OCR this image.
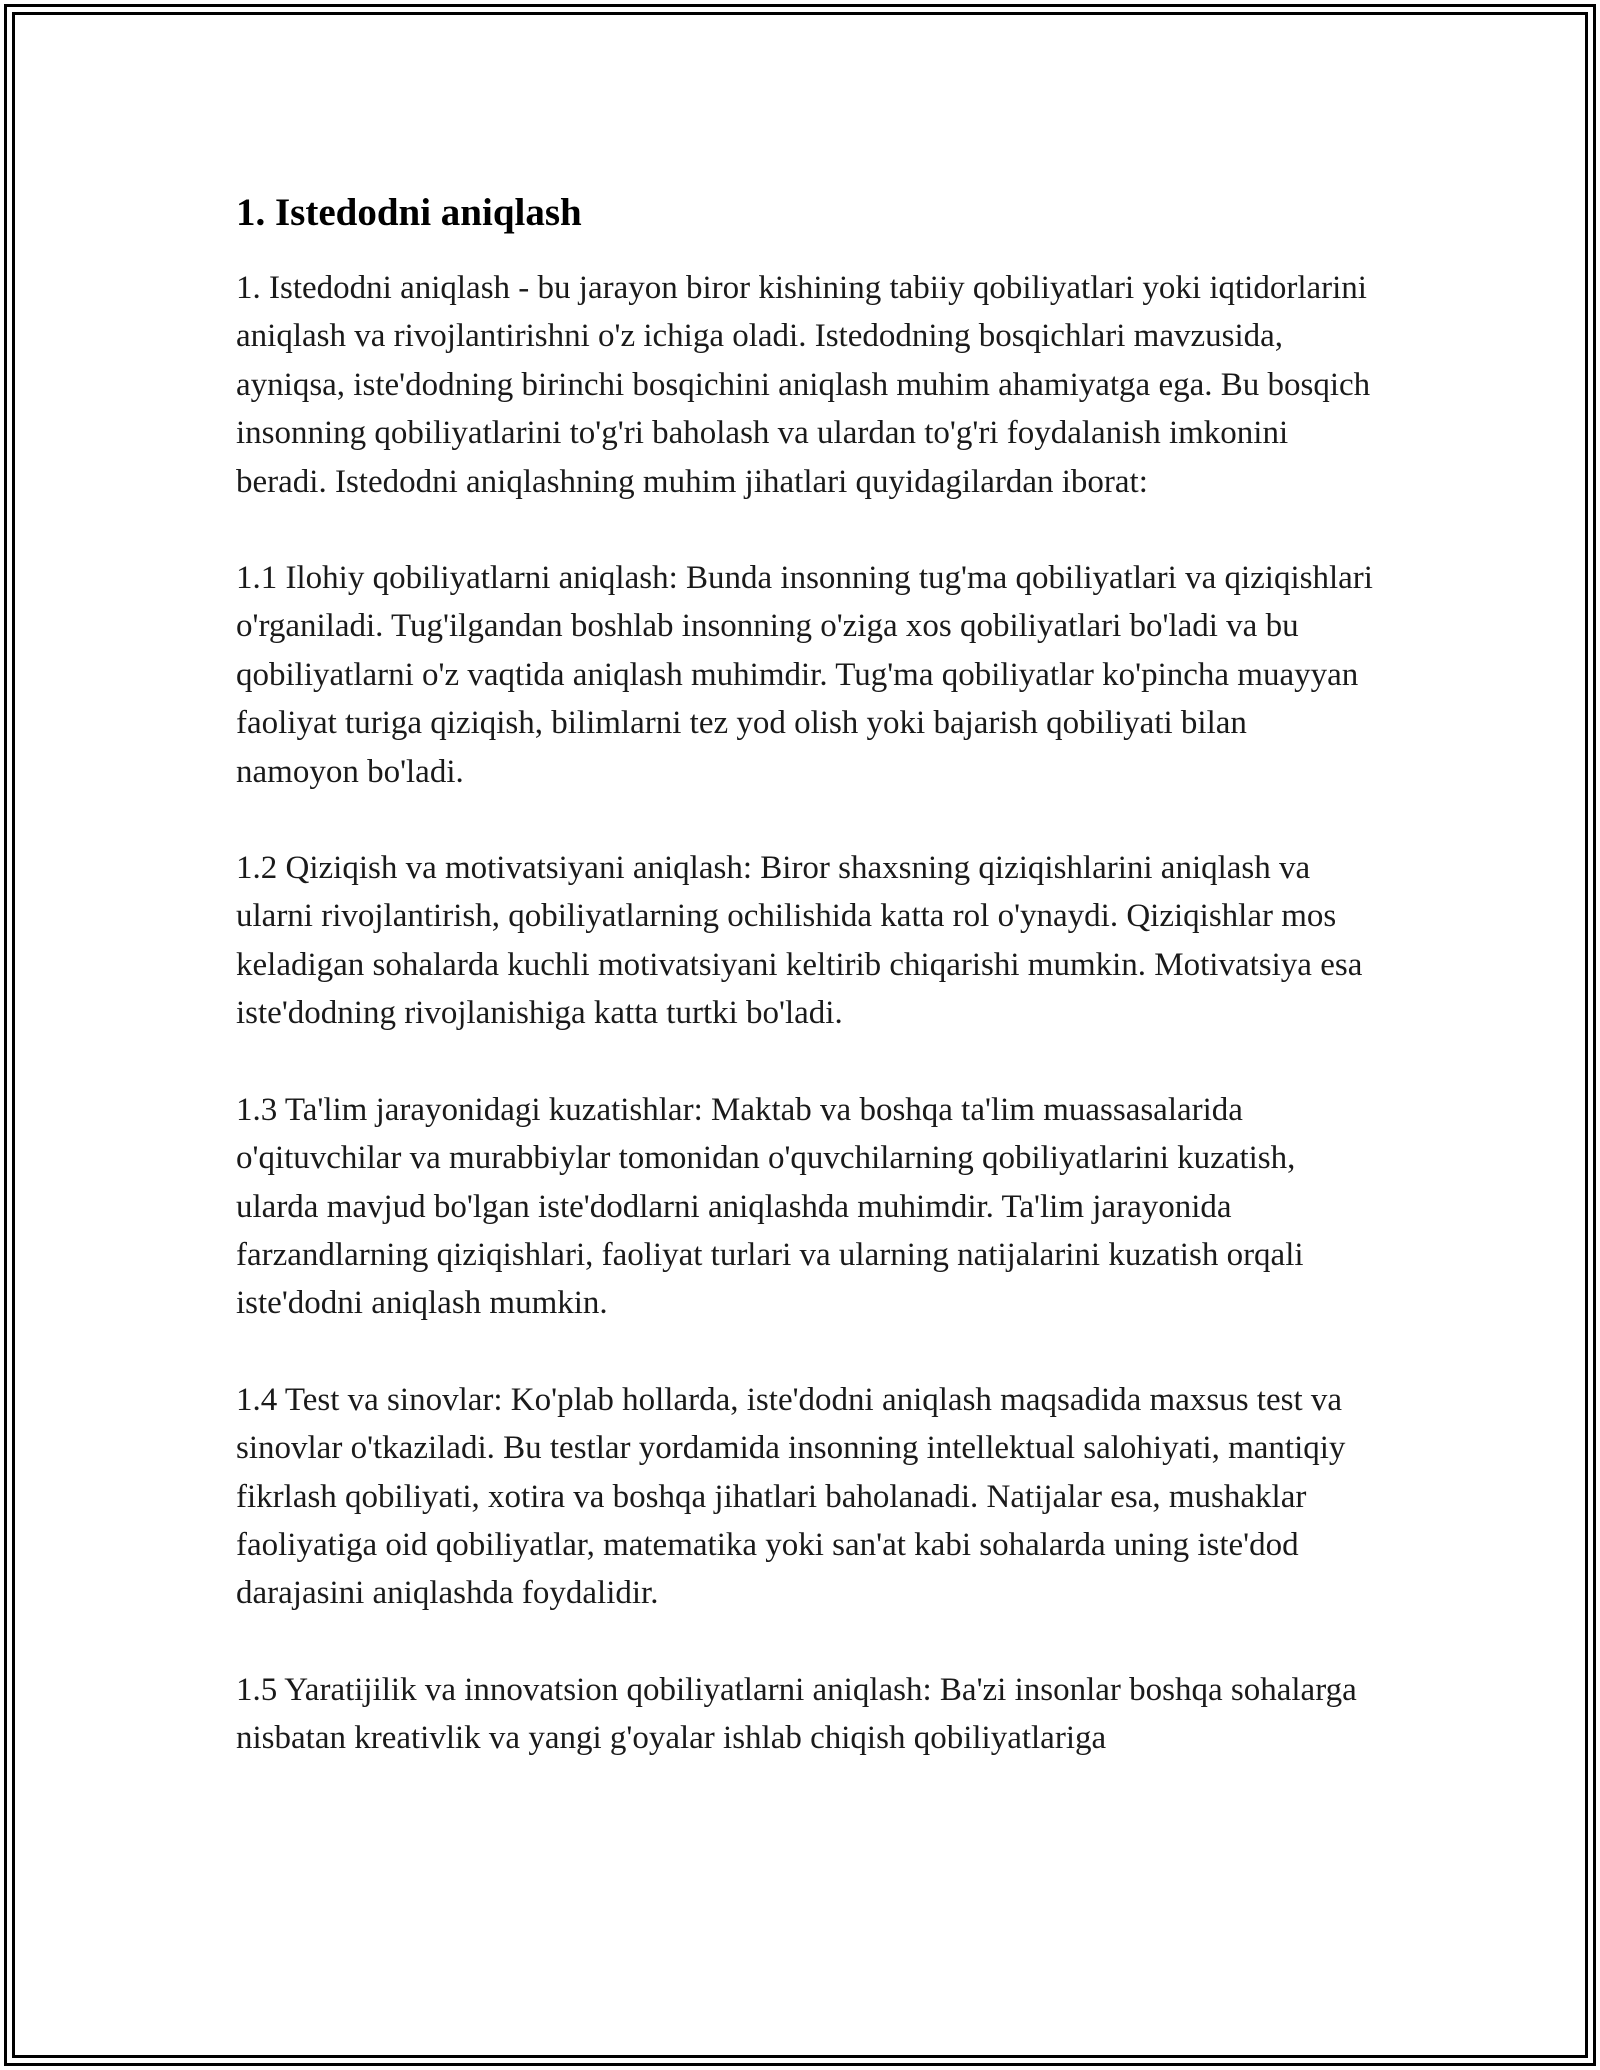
1. Istedodni aniqlash

1. Istedodni aniqlash - bu jarayon biror kishining tabiiy qobiliyatlari yoki iqtidorlarini aniqlash va rivojlantirishni o'z ichiga oladi. Istedodning bosqichlari mavzusida, ayniqsa, iste'dodning birinchi bosqichini aniqlash muhim ahamiyatga ega. Bu bosqich insonning qobiliyatlarini to'g'ri baholash va ulardan to'g'ri foydalanish imkonini beradi. Istedodni aniqlashning muhim jihatlari quyidagilardan iborat:

1.1 Ilohiy qobiliyatlarni aniqlash: Bunda insonning tug'ma qobiliyatlari va qiziqishlari o'rganiladi. Tug'ilgandan boshlab insonning o'ziga xos qobiliyatlari bo'ladi va bu qobiliyatlarni o'z vaqtida aniqlash muhimdir. Tug'ma qobiliyatlar ko'pincha muayyan faoliyat turiga qiziqish, bilimlarni tez yod olish yoki bajarish qobiliyati bilan namoyon bo'ladi.

1.2 Qiziqish va motivatsiyani aniqlash: Biror shaxsning qiziqishlarini aniqlash va ularni rivojlantirish, qobiliyatlarning ochilishida katta rol o'ynaydi. Qiziqishlar mos keladigan sohalarda kuchli motivatsiyani keltirib chiqarishi mumkin. Motivatsiya esa iste'dodning rivojlanishiga katta turtki bo'ladi.

1.3 Ta'lim jarayonidagi kuzatishlar: Maktab va boshqa ta'lim muassasalarida o'qituvchilar va murabbiylar tomonidan o'quvchilarning qobiliyatlarini kuzatish, ularda mavjud bo'lgan iste'dodlarni aniqlashda muhimdir. Ta'lim jarayonida farzandlarning qiziqishlari, faoliyat turlari va ularning natijalarini kuzatish orqali iste'dodni aniqlash mumkin.

1.4 Test va sinovlar: Ko'plab hollarda, iste'dodni aniqlash maqsadida maxsus test va sinovlar o'tkaziladi. Bu testlar yordamida insonning intellektual salohiyati, mantiqiy fikrlash qobiliyati, xotira va boshqa jihatlari baholanadi. Natijalar esa, mushaklar faoliyatiga oid qobiliyatlar, matematika yoki san'at kabi sohalarda uning iste'dod darajasini aniqlashda foydalidir.

1.5 Yaratijilik va innovatsion qobiliyatlarni aniqlash: Ba'zi insonlar boshqa sohalarga nisbatan kreativlik va yangi g'oyalar ishlab chiqish qobiliyatlariga
